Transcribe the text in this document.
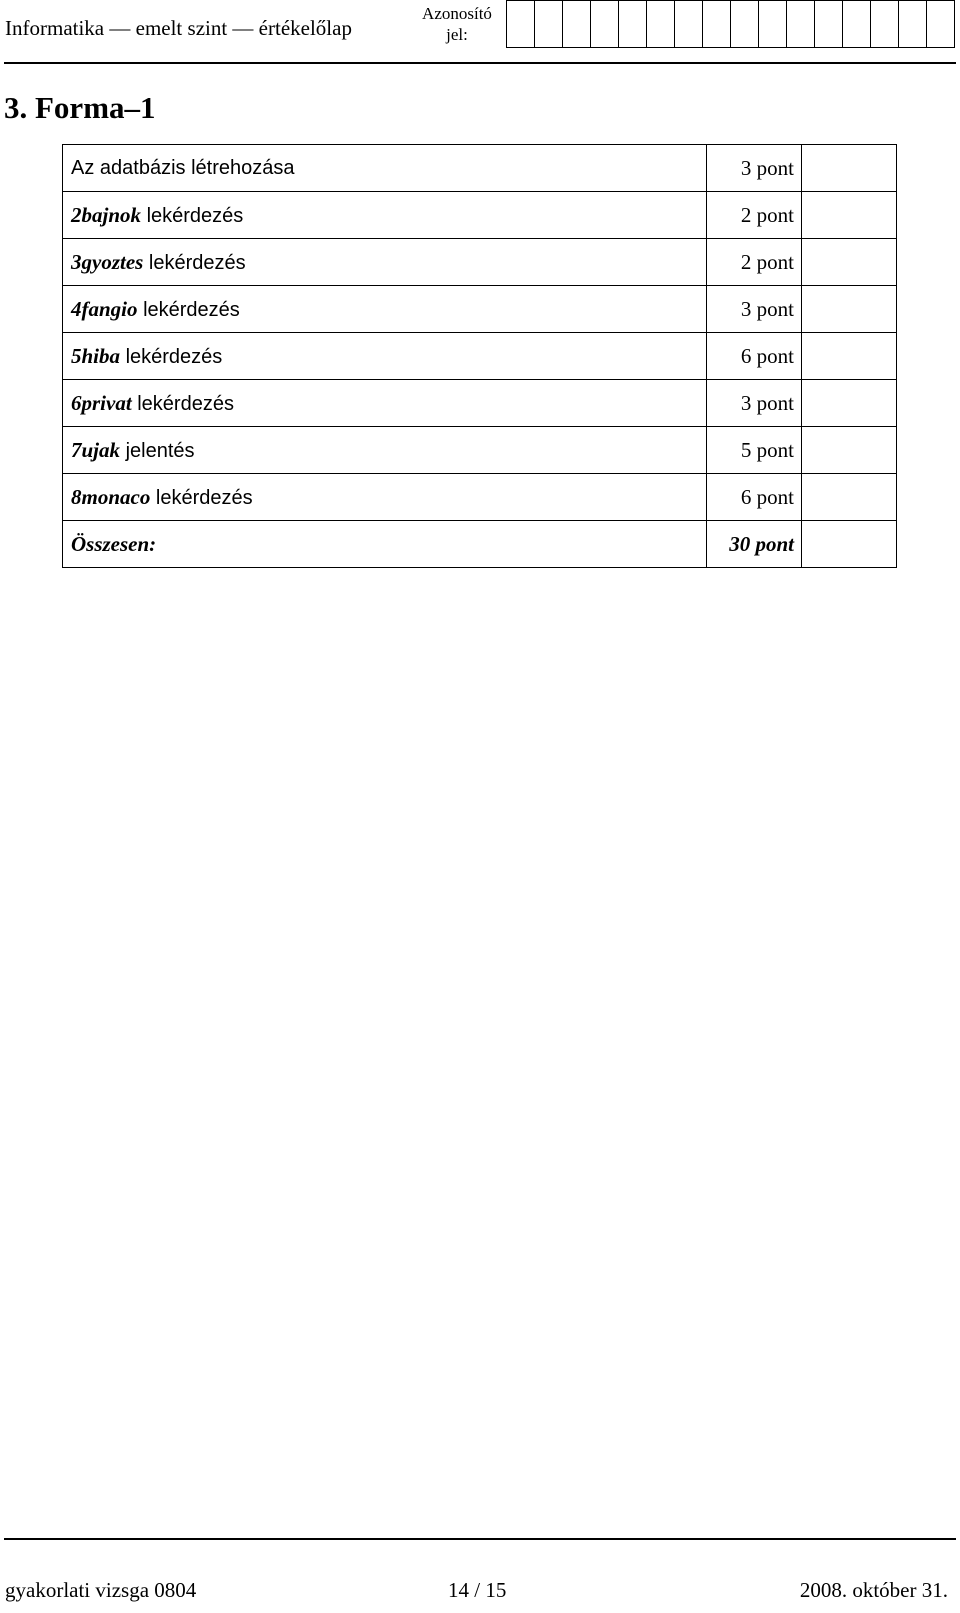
Informatika — emelt szint — értékelőlap
Azonosító
jel:
3. Forma–1
Az adatbázis létrehozása	3 pont	
2bajnok lekérdezés	2 pont	
3gyoztes lekérdezés	2 pont	
4fangio lekérdezés	3 pont	
5hiba lekérdezés	6 pont	
6privat lekérdezés	3 pont	
7ujak jelentés	5 pont	
8monaco lekérdezés	6 pont	
Összesen:	30 pont	
gyakorlati vizsga 0804	14 / 15	2008. október 31.
